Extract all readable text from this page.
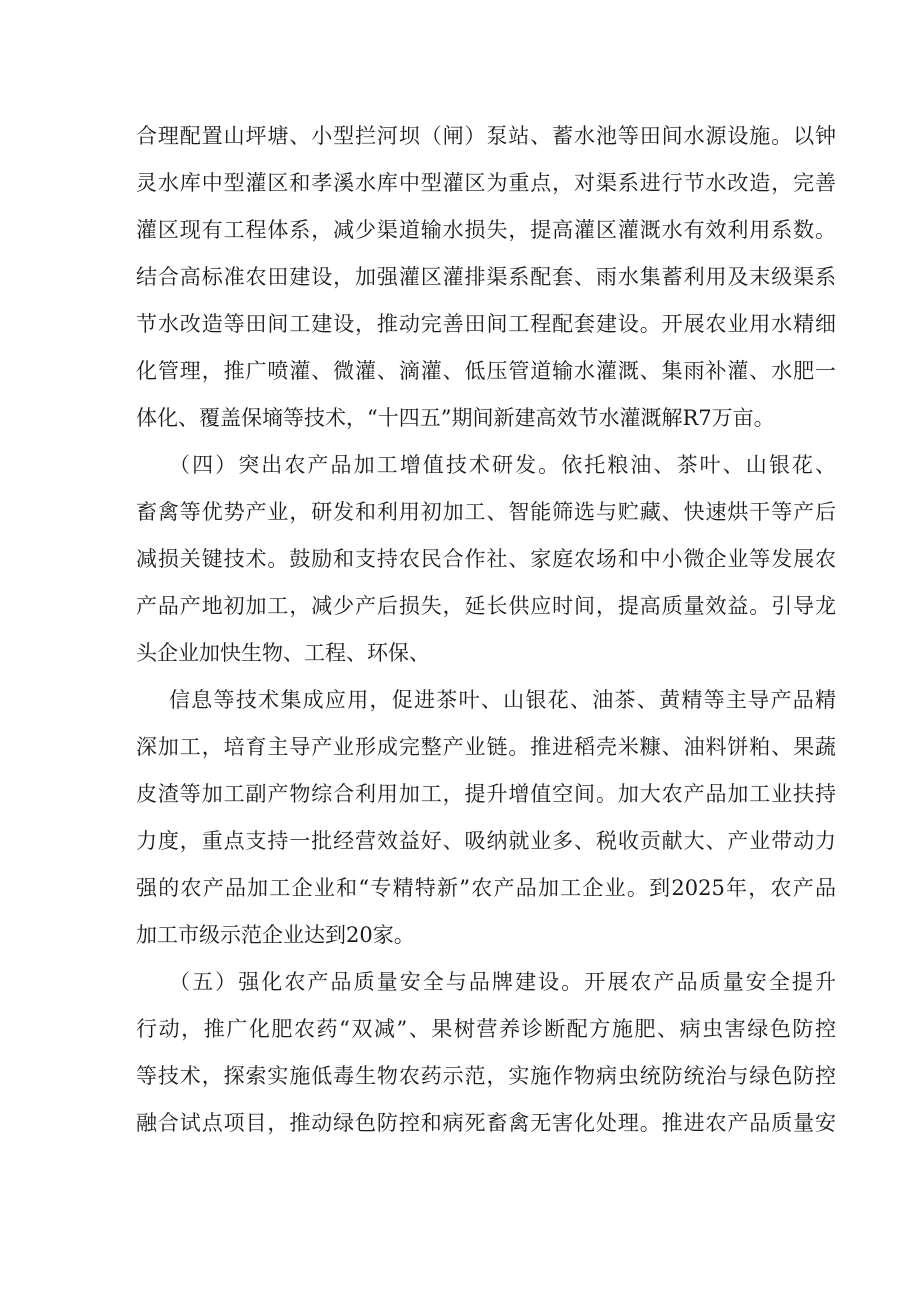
合理配置山坪塘、小型拦河坝（闸）泵站、蓄水池等田间水源设施。以钟
灵水库中型灌区和孝溪水库中型灌区为重点，对渠系进行节水改造，完善
灌区现有工程体系，减少渠道输水损失，提高灌区灌溉水有效利用系数。
结合高标准农田建设，加强灌区灌排渠系配套、雨水集蓄利用及末级渠系
节水改造等田间工建设，推动完善田间工程配套建设。开展农业用水精细
化管理，推广喷灌、微灌、滴灌、低压管道输水灌溉、集雨补灌、水肥一
体化、覆盖保墒等技术，“十四五”期间新建高效节水灌溉解R7万亩。
（四）突出农产品加工增值技术研发。依托粮油、茶叶、山银花、
畜禽等优势产业，研发和利用初加工、智能筛选与贮藏、快速烘干等产后
减损关键技术。鼓励和支持农民合作社、家庭农场和中小微企业等发展农
产品产地初加工，减少产后损失，延长供应时间，提高质量效益。引导龙
头企业加快生物、工程、环保、
信息等技术集成应用，促进茶叶、山银花、油茶、黄精等主导产品精
深加工，培育主导产业形成完整产业链。推进稻壳米糠、油料饼粕、果蔬
皮渣等加工副产物综合利用加工，提升增值空间。加大农产品加工业扶持
力度，重点支持一批经营效益好、吸纳就业多、税收贡献大、产业带动力
强的农产品加工企业和“专精特新”农产品加工企业。到2025年，农产品
加工市级示范企业达到20家。
（五）强化农产品质量安全与品牌建设。开展农产品质量安全提升
行动，推广化肥农药“双减”、果树营养诊断配方施肥、病虫害绿色防控
等技术，探索实施低毒生物农药示范，实施作物病虫统防统治与绿色防控
融合试点项目，推动绿色防控和病死畜禽无害化处理。推进农产品质量安
